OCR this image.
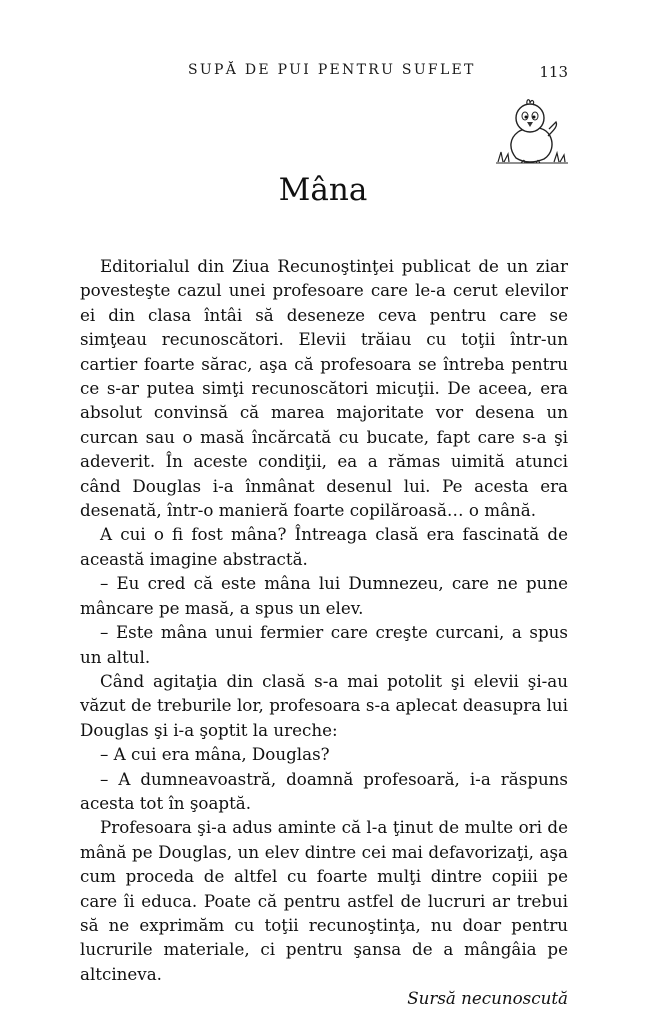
SUPĂ DE PUI PENTRU SUFLET	113
Mâna

Editorialul din Ziua Recunoştinţei publicat de un ziar povesteşte cazul unei profesoare care le-a cerut elevilor ei din clasa întâi să deseneze ceva pentru care se simţeau recunoscători. Elevii trăiau cu toţii într-un cartier foarte sărac, aşa că profesoara se întreba pentru ce s-ar putea simţi recunoscători micuţii. De aceea, era absolut convinsă că marea majoritate vor desena un curcan sau o masă încărcată cu bucate, fapt care s-a şi adeverit. În aceste condiţii, ea a rămas uimită atunci când Douglas i-a înmânat desenul lui. Pe acesta era desenată, într-o manieră foarte copilăroasă… o mână.

A cui o fi fost mâna? Întreaga clasă era fascinată de această imagine abstractă.

– Eu cred că este mâna lui Dumnezeu, care ne pune mâncare pe masă, a spus un elev.

– Este mâna unui fermier care creşte curcani, a spus un altul.

Când agitaţia din clasă s-a mai potolit şi elevii şi-au văzut de treburile lor, profesoara s-a aplecat deasupra lui Douglas şi i-a şoptit la ureche:

– A cui era mâna, Douglas?

– A dumneavoastră, doamnă profesoară, i-a răspuns acesta tot în şoaptă.

Profesoara şi-a adus aminte că l-a ţinut de multe ori de mână pe Douglas, un elev dintre cei mai defavorizaţi, aşa cum proceda de altfel cu foarte mulţi dintre copiii pe care îi educa. Poate că pentru astfel de lucruri ar trebui să ne exprimăm cu toţii recunoştinţa, nu doar pentru lucrurile materiale, ci pentru şansa de a mângâia pe altcineva.

Sursă necunoscută
